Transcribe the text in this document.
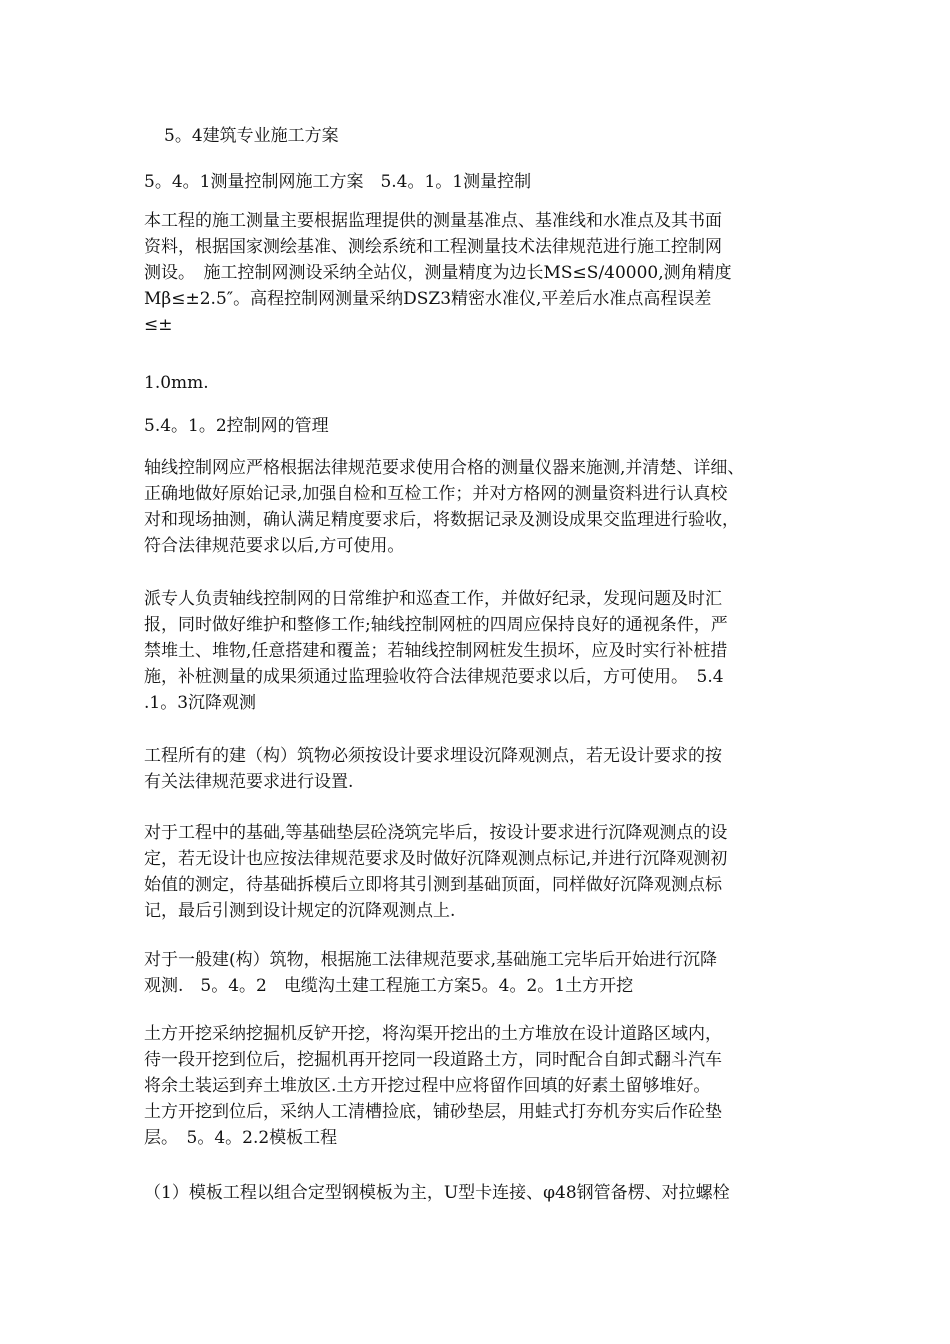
5。4建筑专业施工方案
5。4。1测量控制网施工方案　5.4。1。1测量控制
本工程的施工测量主要根据监理提供的测量基准点、基准线和水准点及其书面
资料，根据国家测绘基准、测绘系统和工程测量技术法律规范进行施工控制网
测设。　施工控制网测设采纳全站仪，测量精度为边长MS≤S/40000,测角精度
Mβ≤±2.5″。高程控制网测量采纳DSZ3精密水准仪,平差后水准点高程误差
≤±
1.0mm.
5.4。1。2控制网的管理
轴线控制网应严格根据法律规范要求使用合格的测量仪器来施测,并清楚、详细、
正确地做好原始记录,加强自检和互检工作；并对方格网的测量资料进行认真校
对和现场抽测，确认满足精度要求后，将数据记录及测设成果交监理进行验收，
符合法律规范要求以后,方可使用。
派专人负责轴线控制网的日常维护和巡查工作，并做好纪录，发现问题及时汇
报，同时做好维护和整修工作;轴线控制网桩的四周应保持良好的通视条件，严
禁堆土、堆物,任意搭建和覆盖；若轴线控制网桩发生损坏，应及时实行补桩措
施，补桩测量的成果须通过监理验收符合法律规范要求以后，方可使用。　5.4
.1。3沉降观测
工程所有的建（构）筑物必须按设计要求埋设沉降观测点，若无设计要求的按
有关法律规范要求进行设置.
对于工程中的基础,等基础垫层砼浇筑完毕后，按设计要求进行沉降观测点的设
定，若无设计也应按法律规范要求及时做好沉降观测点标记,并进行沉降观测初
始值的测定，待基础拆模后立即将其引测到基础顶面，同样做好沉降观测点标
记，最后引测到设计规定的沉降观测点上.
对于一般建(构）筑物，根据施工法律规范要求,基础施工完毕后开始进行沉降
观测.　5。4。2　电缆沟土建工程施工方案5。4。2。1土方开挖
土方开挖采纳挖掘机反铲开挖，将沟渠开挖出的土方堆放在设计道路区域内，
待一段开挖到位后，挖掘机再开挖同一段道路土方，同时配合自卸式翻斗汽车
将余土装运到弃土堆放区.土方开挖过程中应将留作回填的好素土留够堆好。
土方开挖到位后，采纳人工清槽捡底，铺砂垫层，用蛙式打夯机夯实后作砼垫
层。　5。4。2.2模板工程
（1）模板工程以组合定型钢模板为主，U型卡连接、φ48钢管备楞、对拉螺栓
